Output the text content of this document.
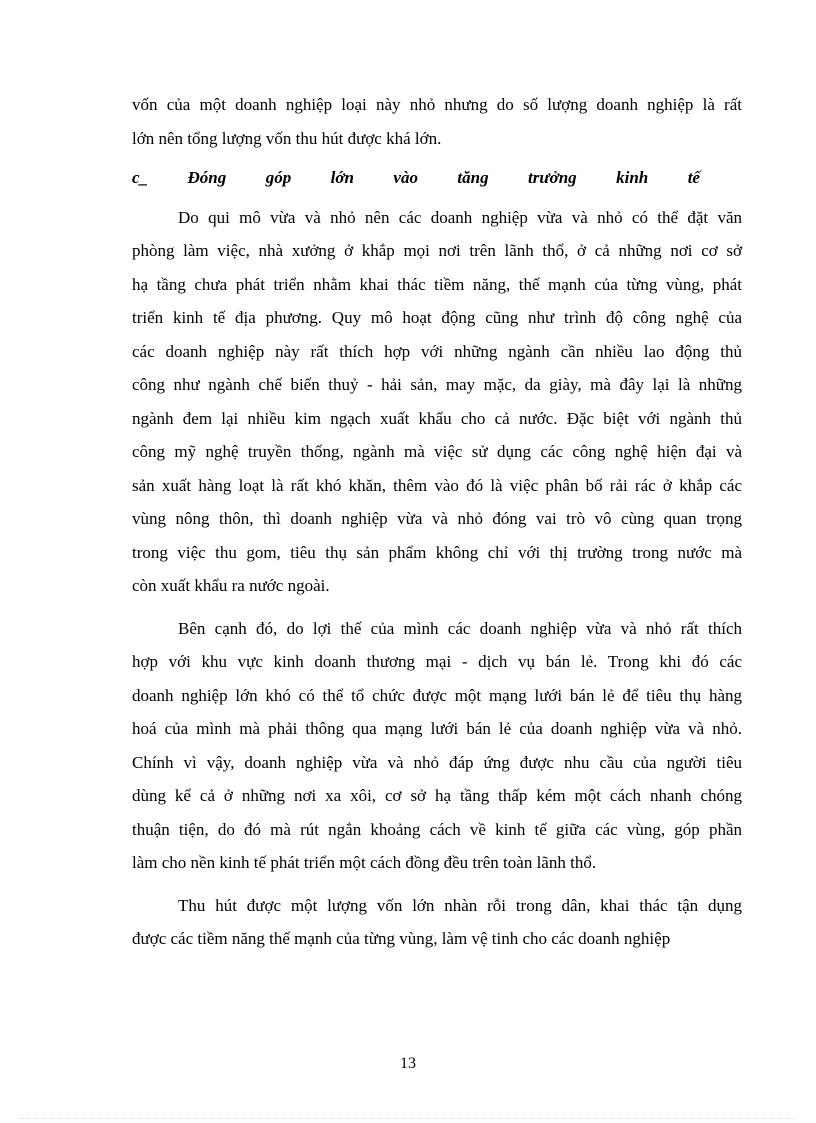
vốn của một doanh nghiệp loại này nhỏ nhưng do số lượng doanh nghiệp là rất
lớn nên tổng lượng vốn thu hút được khá lớn.
c_ Đóng góp lớn vào tăng trưởng kinh tế
Do qui mô vừa và nhỏ nên các doanh nghiệp vừa và nhỏ có thể đặt văn
phòng làm việc, nhà xưởng ở khắp mọi nơi trên lãnh thổ, ở cả những nơi cơ sở
hạ tầng chưa phát triển nhằm khai thác tiềm năng, thế mạnh của từng vùng, phát
triển kinh tế địa phương. Quy mô hoạt động cũng như trình độ công nghệ của
các doanh nghiệp này rất thích hợp với những ngành cần nhiều lao động thủ
công như ngành chế biến thuỷ - hải sản, may mặc, da giày, mà đây lại là những
ngành đem lại nhiều kim ngạch xuất khẩu cho cả nước. Đặc biệt với ngành thủ
công mỹ nghệ truyền thống, ngành mà việc sử dụng các công nghệ hiện đại và
sản xuất hàng loạt là rất khó khăn, thêm vào đó là việc phân bố rải rác ở khắp các
vùng nông thôn, thì doanh nghiệp vừa và nhỏ đóng vai trò vô cùng quan trọng
trong việc thu gom, tiêu thụ sản phẩm không chỉ với thị trường trong nước mà
còn xuất khẩu ra nước ngoài.
Bên cạnh đó, do lợi thế của mình các doanh nghiệp vừa và nhỏ rất thích
hợp với khu vực kinh doanh thương mại - dịch vụ bán lẻ. Trong khi đó các
doanh nghiệp lớn khó có thể tổ chức được một mạng lưới bán lẻ để tiêu thụ hàng
hoá của mình mà phải thông qua mạng lưới bán lẻ của doanh nghiệp vừa và nhỏ.
Chính vì vậy, doanh nghiệp vừa và nhỏ đáp ứng được nhu cầu của người tiêu
dùng kể cả ở những nơi xa xôi, cơ sở hạ tầng thấp kém một cách nhanh chóng
thuận tiện, do đó mà rút ngắn khoảng cách về kinh tế giữa các vùng, góp phần
làm cho nền kinh tế phát triển một cách đồng đều trên toàn lãnh thổ.
Thu hút được một lượng vốn lớn nhàn rỗi trong dân, khai thác tận dụng
được các tiềm năng thế mạnh của từng vùng, làm vệ tinh cho các doanh nghiệp
13
